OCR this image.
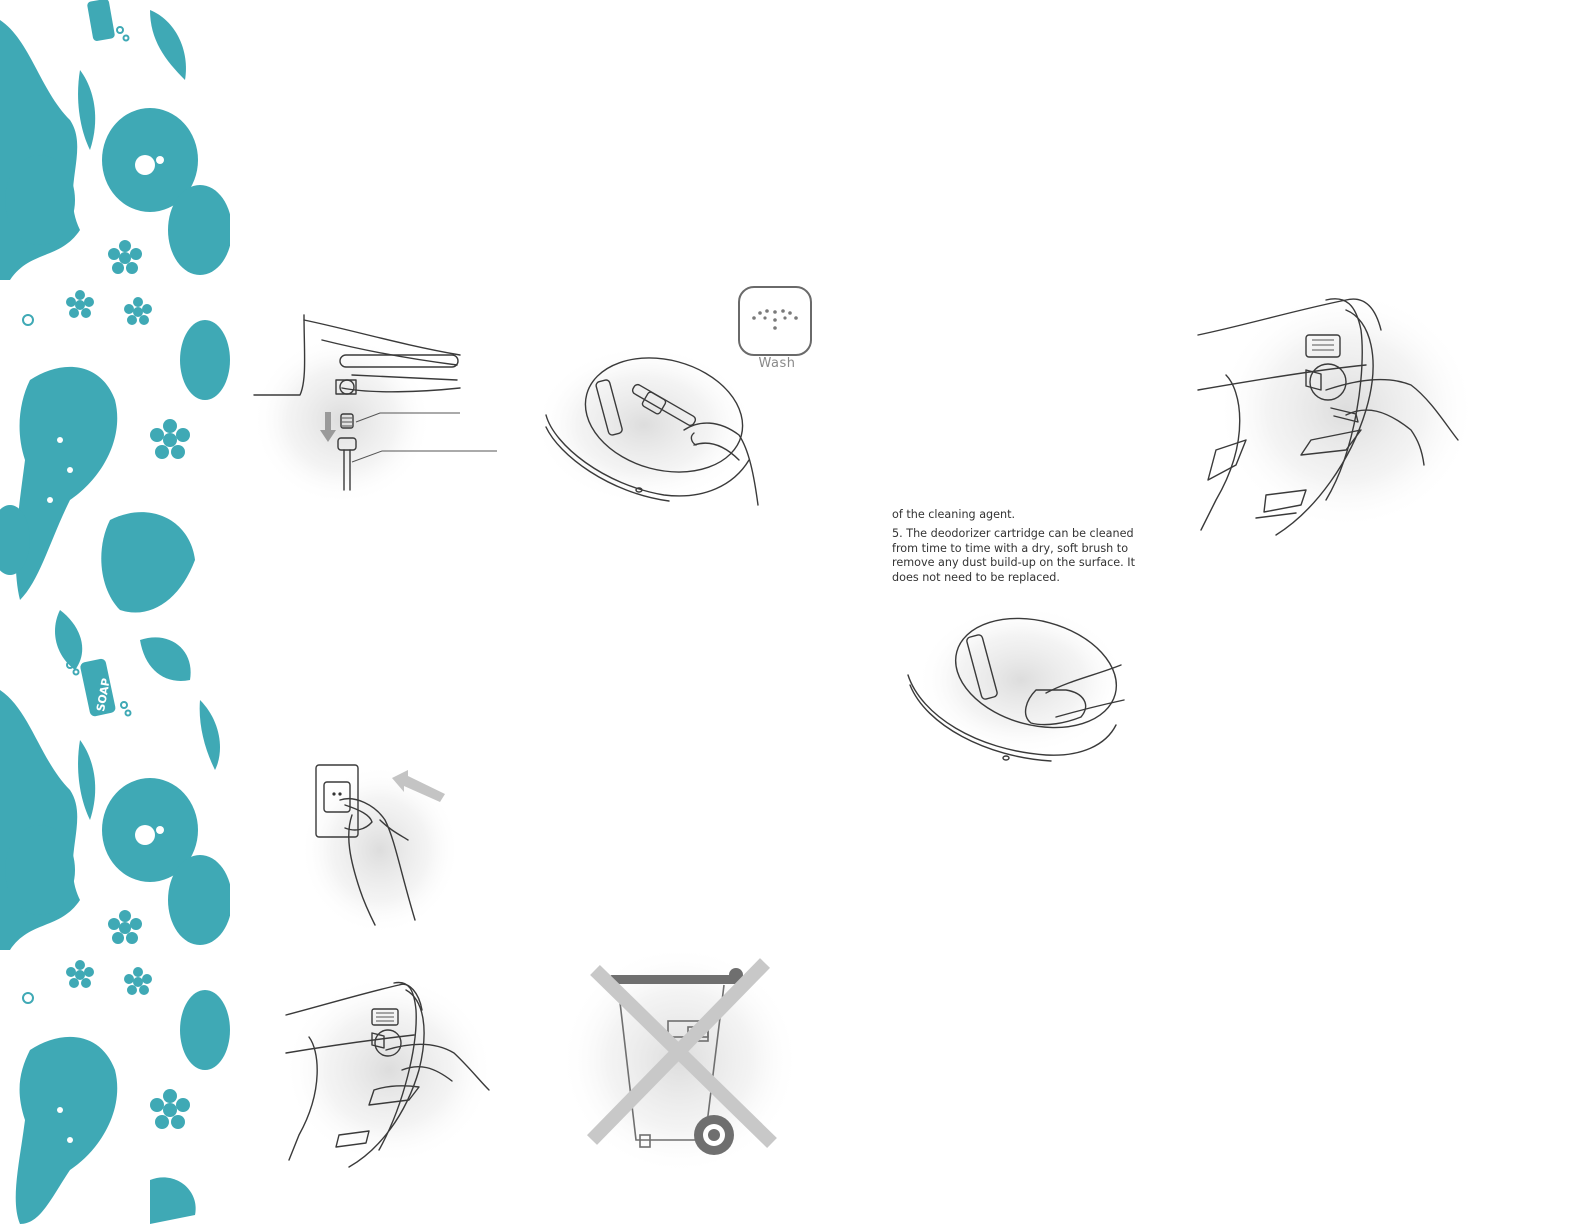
SOAP
Wash

of the cleaning agent.

5. The deodorizer cartridge can be cleaned from time to time with a dry, soft brush to remove any dust build-up on the surface. It does not need to be replaced.
